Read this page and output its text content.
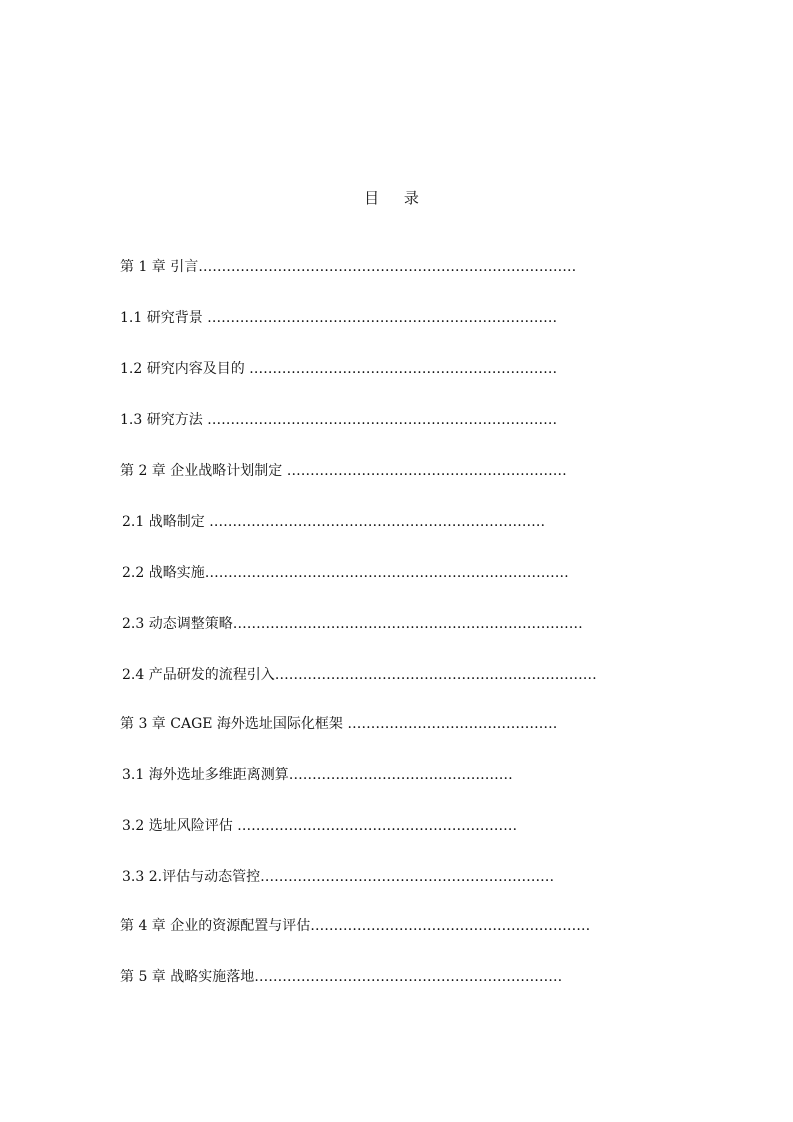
目 录
第 1 章 引言………………………………………………………………………
1.1 研究背景 …………………………………………………………………
1.2 研究内容及目的 …………………………………………………………
1.3 研究方法 …………………………………………………………………
第 2 章 企业战略计划制定 ……………………………………………………
2.1 战略制定 ………………………………………………………………
2.2 战略实施……………………………………………………………………
2.3 动态调整策略…………………………………………………………………
2.4 产品研发的流程引入……………………………………………………………
第 3 章 CAGE 海外选址国际化框架 ………………………………………
3.1 海外选址多维距离测算…………………………………………
3.2 选址风险评估 ……………………………………………………
3.3 2.评估与动态管控………………………………………………………
第 4 章 企业的资源配置与评估……………………………………………………
第 5 章 战略实施落地…………………………………………………………
